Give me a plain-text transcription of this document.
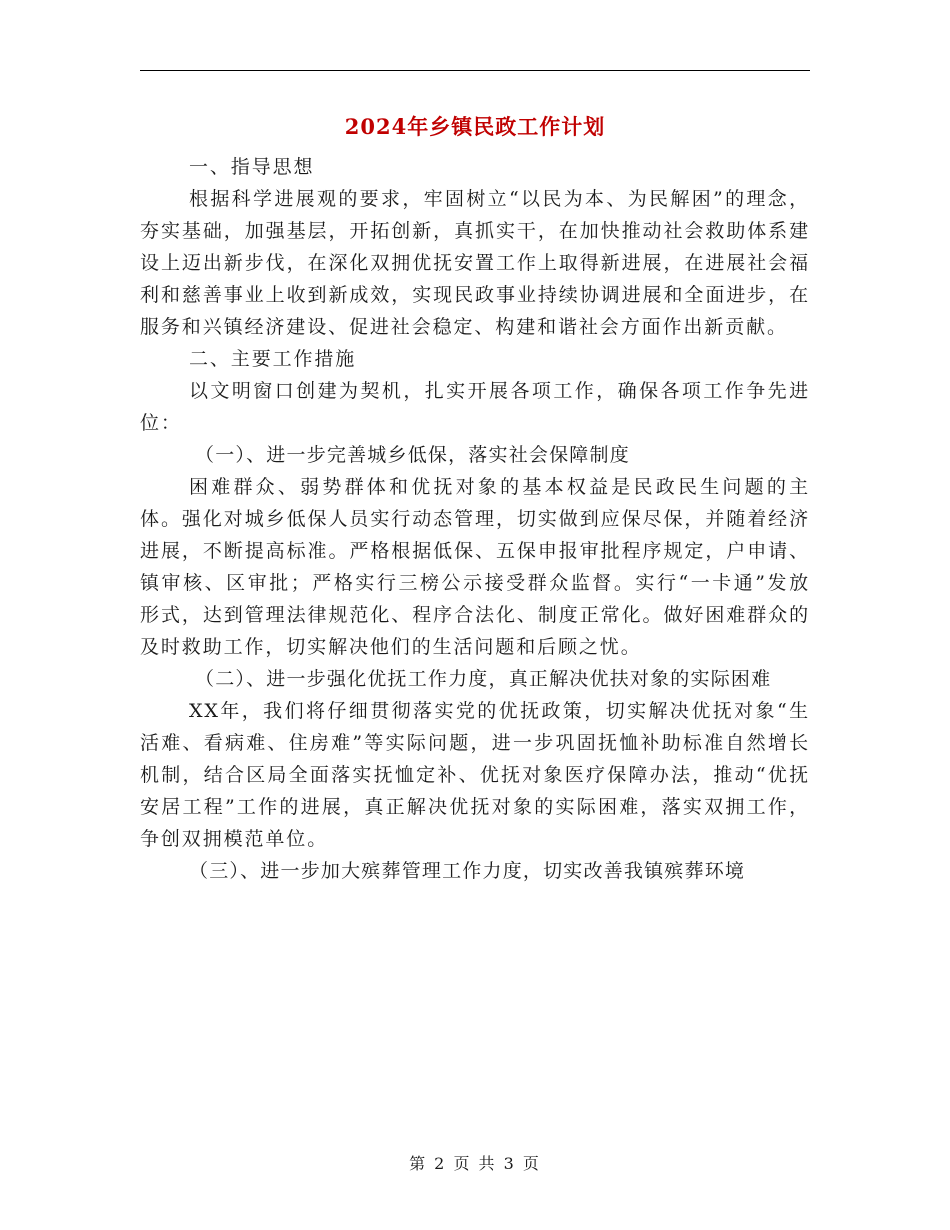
2024年乡镇民政工作计划

一、指导思想

根据科学进展观的要求，牢固树立“以民为本、为民解困”的理念，夯实基础，加强基层，开拓创新，真抓实干，在加快推动社会救助体系建设上迈出新步伐，在深化双拥优抚安置工作上取得新进展，在进展社会福利和慈善事业上收到新成效，实现民政事业持续协调进展和全面进步，在服务和兴镇经济建设、促进社会稳定、构建和谐社会方面作出新贡献。

二、主要工作措施

以文明窗口创建为契机，扎实开展各项工作，确保各项工作争先进位：

（一）、进一步完善城乡低保，落实社会保障制度

困难群众、弱势群体和优抚对象的基本权益是民政民生问题的主体。强化对城乡低保人员实行动态管理，切实做到应保尽保，并随着经济进展，不断提高标准。严格根据低保、五保申报审批程序规定，户申请、镇审核、区审批；严格实行三榜公示接受群众监督。实行“一卡通”发放形式，达到管理法律规范化、程序合法化、制度正常化。做好困难群众的及时救助工作，切实解决他们的生活问题和后顾之忧。

（二）、进一步强化优抚工作力度，真正解决优扶对象的实际困难

XX年，我们将仔细贯彻落实党的优抚政策，切实解决优抚对象“生活难、看病难、住房难”等实际问题，进一步巩固抚恤补助标准自然增长机制，结合区局全面落实抚恤定补、优抚对象医疗保障办法，推动“优抚安居工程”工作的进展，真正解决优抚对象的实际困难，落实双拥工作，争创双拥模范单位。

（三）、进一步加大殡葬管理工作力度，切实改善我镇殡葬环境

第 2 页 共 3 页
